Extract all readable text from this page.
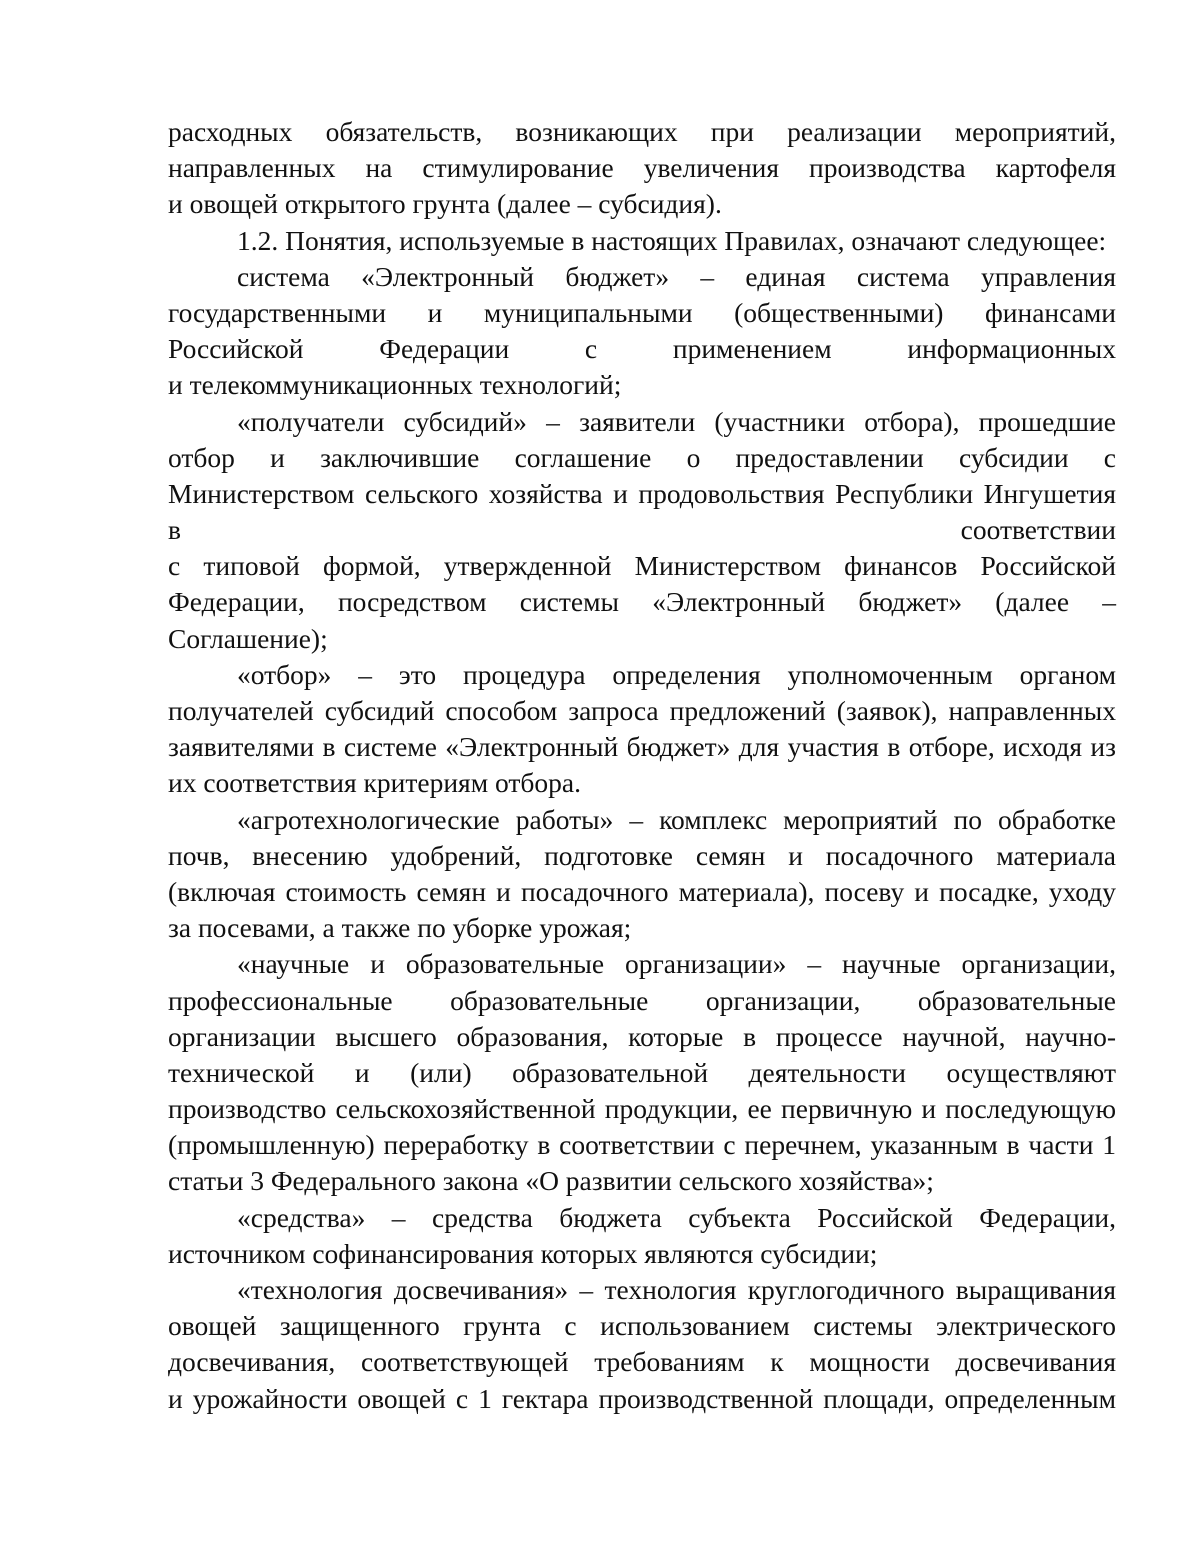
расходных обязательств, возникающих при реализации мероприятий,
направленных на стимулирование увеличения производства картофеля
и овощей открытого грунта (далее – субсидия).
1.2. Понятия, используемые в настоящих Правилах, означают следующее:
система «Электронный бюджет» – единая система управления
государственными и муниципальными (общественными) финансами
Российской Федерации с применением информационных
и телекоммуникационных технологий;
«получатели субсидий» – заявители (участники отбора), прошедшие
отбор и заключившие соглашение о предоставлении субсидии с
Министерством сельского хозяйства и продовольствия Республики Ингушетия
в соответствии
с типовой формой, утвержденной Министерством финансов Российской
Федерации, посредством системы «Электронный бюджет» (далее –
Соглашение);
«отбор» – это процедура определения уполномоченным органом
получателей субсидий способом запроса предложений (заявок), направленных
заявителями в системе «Электронный бюджет» для участия в отборе, исходя из
их соответствия критериям отбора.
«агротехнологические работы» – комплекс мероприятий по обработке
почв, внесению удобрений, подготовке семян и посадочного материала
(включая стоимость семян и посадочного материала), посеву и посадке, уходу
за посевами, а также по уборке урожая;
«научные и образовательные организации» – научные организации,
профессиональные образовательные организации, образовательные
организации высшего образования, которые в процессе научной, научно-
технической и (или) образовательной деятельности осуществляют
производство сельскохозяйственной продукции, ее первичную и последующую
(промышленную) переработку в соответствии с перечнем, указанным в части 1
статьи 3 Федерального закона «О развитии сельского хозяйства»;
«средства» – средства бюджета субъекта Российской Федерации,
источником софинансирования которых являются субсидии;
«технология досвечивания» – технология круглогодичного выращивания
овощей защищенного грунта с использованием системы электрического
досвечивания, соответствующей требованиям к мощности досвечивания
и урожайности овощей с 1 гектара производственной площади, определенным
